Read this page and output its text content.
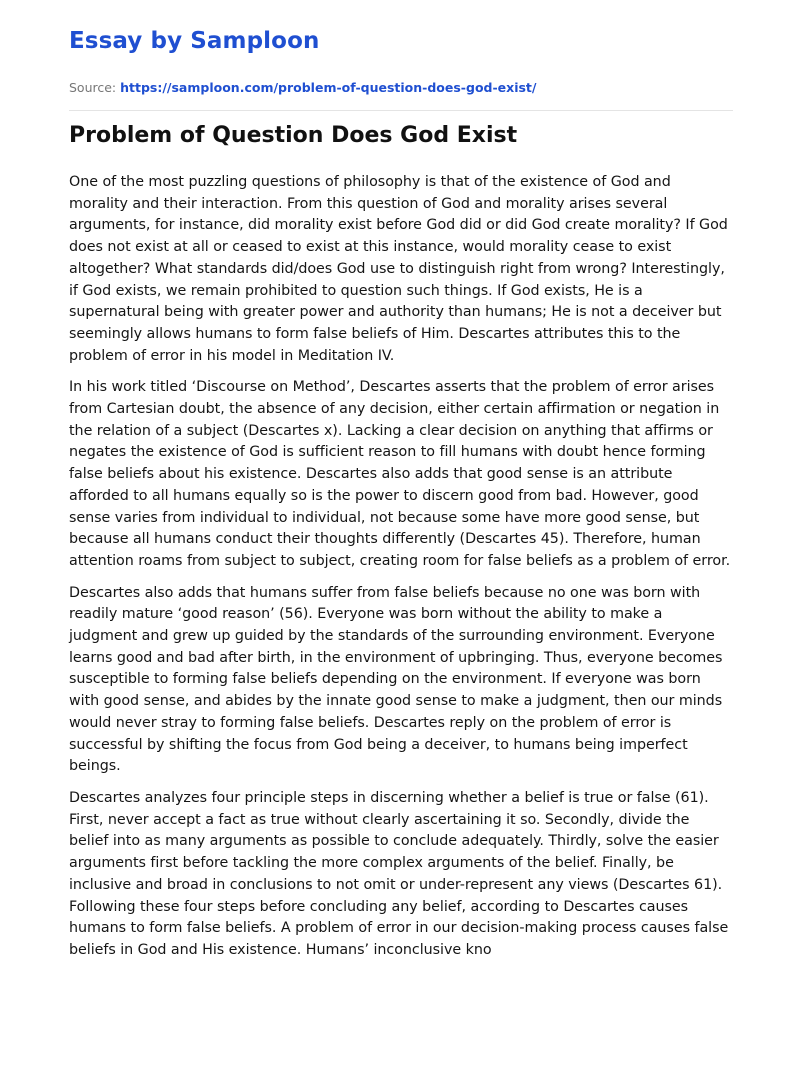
Essay by Samploon
Source: https://samploon.com/problem-of-question-does-god-exist/
Problem of Question Does God Exist

One of the most puzzling questions of philosophy is that of the existence of God and morality and their interaction. From this question of God and morality arises several arguments, for instance, did morality exist before God did or did God create morality? If God does not exist at all or ceased to exist at this instance, would morality cease to exist altogether? What standards did/does God use to distinguish right from wrong? Interestingly, if God exists, we remain prohibited to question such things. If God exists, He is a supernatural being with greater power and authority than humans; He is not a deceiver but seemingly allows humans to form false beliefs of Him. Descartes attributes this to the problem of error in his model in Meditation IV.

In his work titled ‘Discourse on Method’, Descartes asserts that the problem of error arises from Cartesian doubt, the absence of any decision, either certain affirmation or negation in the relation of a subject (Descartes x). Lacking a clear decision on anything that affirms or negates the existence of God is sufficient reason to fill humans with doubt hence forming false beliefs about his existence. Descartes also adds that good sense is an attribute afforded to all humans equally so is the power to discern good from bad. However, good sense varies from individual to individual, not because some have more good sense, but because all humans conduct their thoughts differently (Descartes 45). Therefore, human attention roams from subject to subject, creating room for false beliefs as a problem of error.

Descartes also adds that humans suffer from false beliefs because no one was born with readily mature ‘good reason’ (56). Everyone was born without the ability to make a judgment and grew up guided by the standards of the surrounding environment. Everyone learns good and bad after birth, in the environment of upbringing. Thus, everyone becomes susceptible to forming false beliefs depending on the environment. If everyone was born with good sense, and abides by the innate good sense to make a judgment, then our minds would never stray to forming false beliefs. Descartes reply on the problem of error is successful by shifting the focus from God being a deceiver, to humans being imperfect beings.

Descartes analyzes four principle steps in discerning whether a belief is true or false (61). First, never accept a fact as true without clearly ascertaining it so. Secondly, divide the belief into as many arguments as possible to conclude adequately. Thirdly, solve the easier arguments first before tackling the more complex arguments of the belief. Finally, be inclusive and broad in conclusions to not omit or under-represent any views (Descartes 61). Following these four steps before concluding any belief, according to Descartes causes humans to form false beliefs. A problem of error in our decision-making process causes false beliefs in God and His existence. Humans’ inconclusive kno
